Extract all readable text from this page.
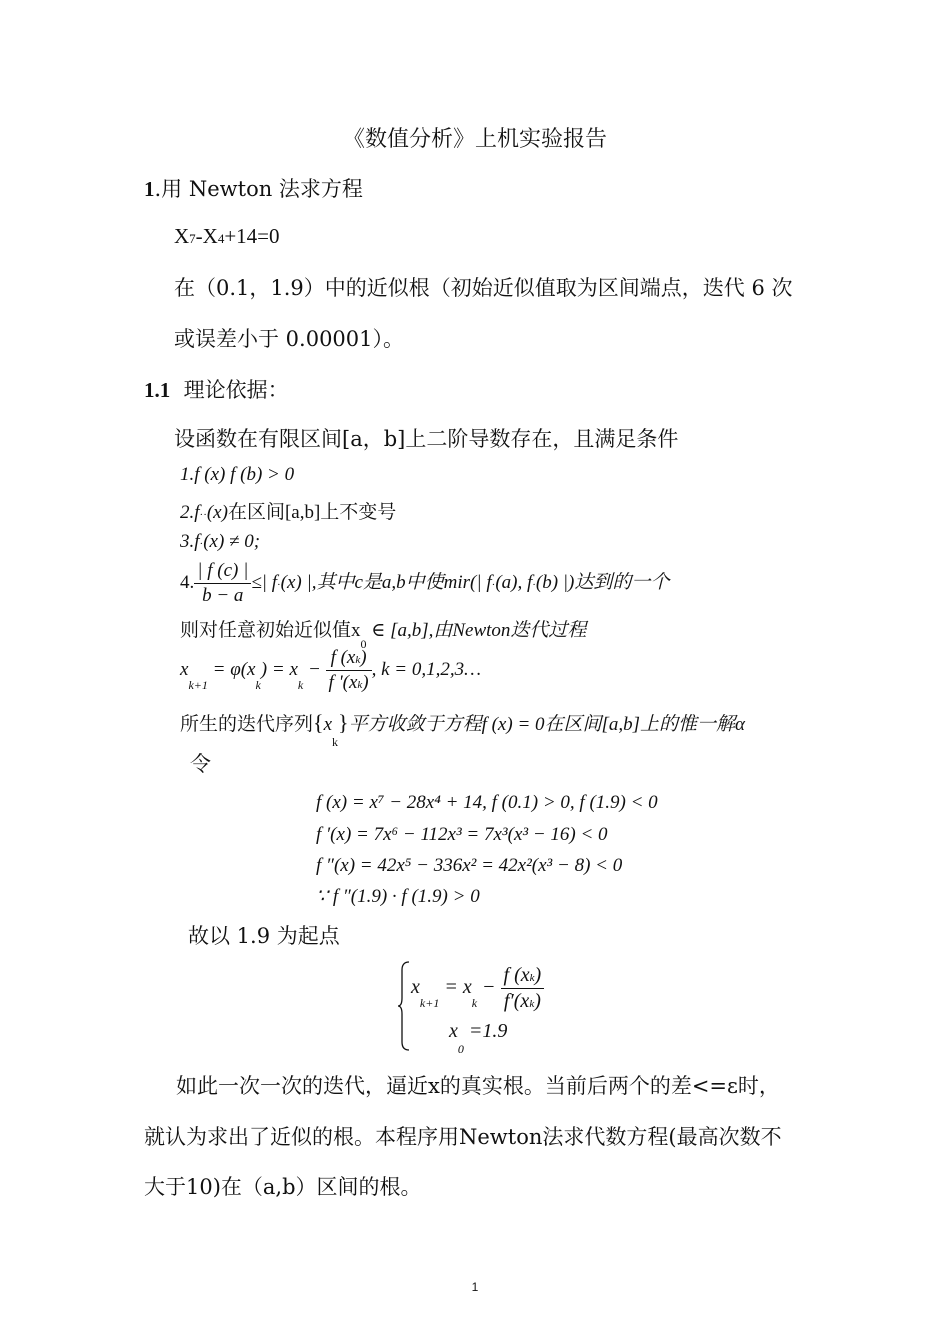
《数值分析》上机实验报告
1.用 Newton 法求方程
X7-X4+14=0
在（0.1，1.9）中的近似根（初始近似值取为区间端点，迭代 6 次
或误差小于 0.00001）。
1.1 理论依据：
设函数在有限区间[a，b]上二阶导数存在，且满足条件
1.f (x) f (b) > 0
2.f··(x)在区间[a,b]上不变号
3.f·(x) ≠ 0;
4. $\frac{| f (c) |}{b - a}$ ≤| f·(x) |,其中c是a,b中使mir(| f·(a), f·(b) |)达到的一个
则对任意初始近似值$x_0$ ∈ [a,b],由Newton迭代过程
$x_{k+1} = \varphi(x_k) = x_k - \frac{f (xk)}{f '(xk)}$ , k = 0,1,2,3…
所生的迭代序列$\{x_k\}$平方收敛于方程f (x) = 0在区间[a,b]上的惟一解α
令
f (x) = x⁷ − 28x⁴ + 14, f (0.1) > 0, f (1.9) < 0
f ′(x) = 7x⁶ − 112x³ = 7x³(x³ − 16) < 0
f ″(x) = 42x⁵ − 336x² = 42x²(x³ − 8) < 0
∵ f ″(1.9) · f (1.9) > 0
故以 1.9 为起点
$x_{k+1} = x_k - \frac{f (xk)}{f'(xk)}$
$x_0 =1.9$
如此一次一次的迭代，逼近x的真实根。当前后两个的差<=ε时，
就认为求出了近似的根。本程序用Newton法求代数方程(最高次数不
大于10)在（a,b）区间的根。
1
